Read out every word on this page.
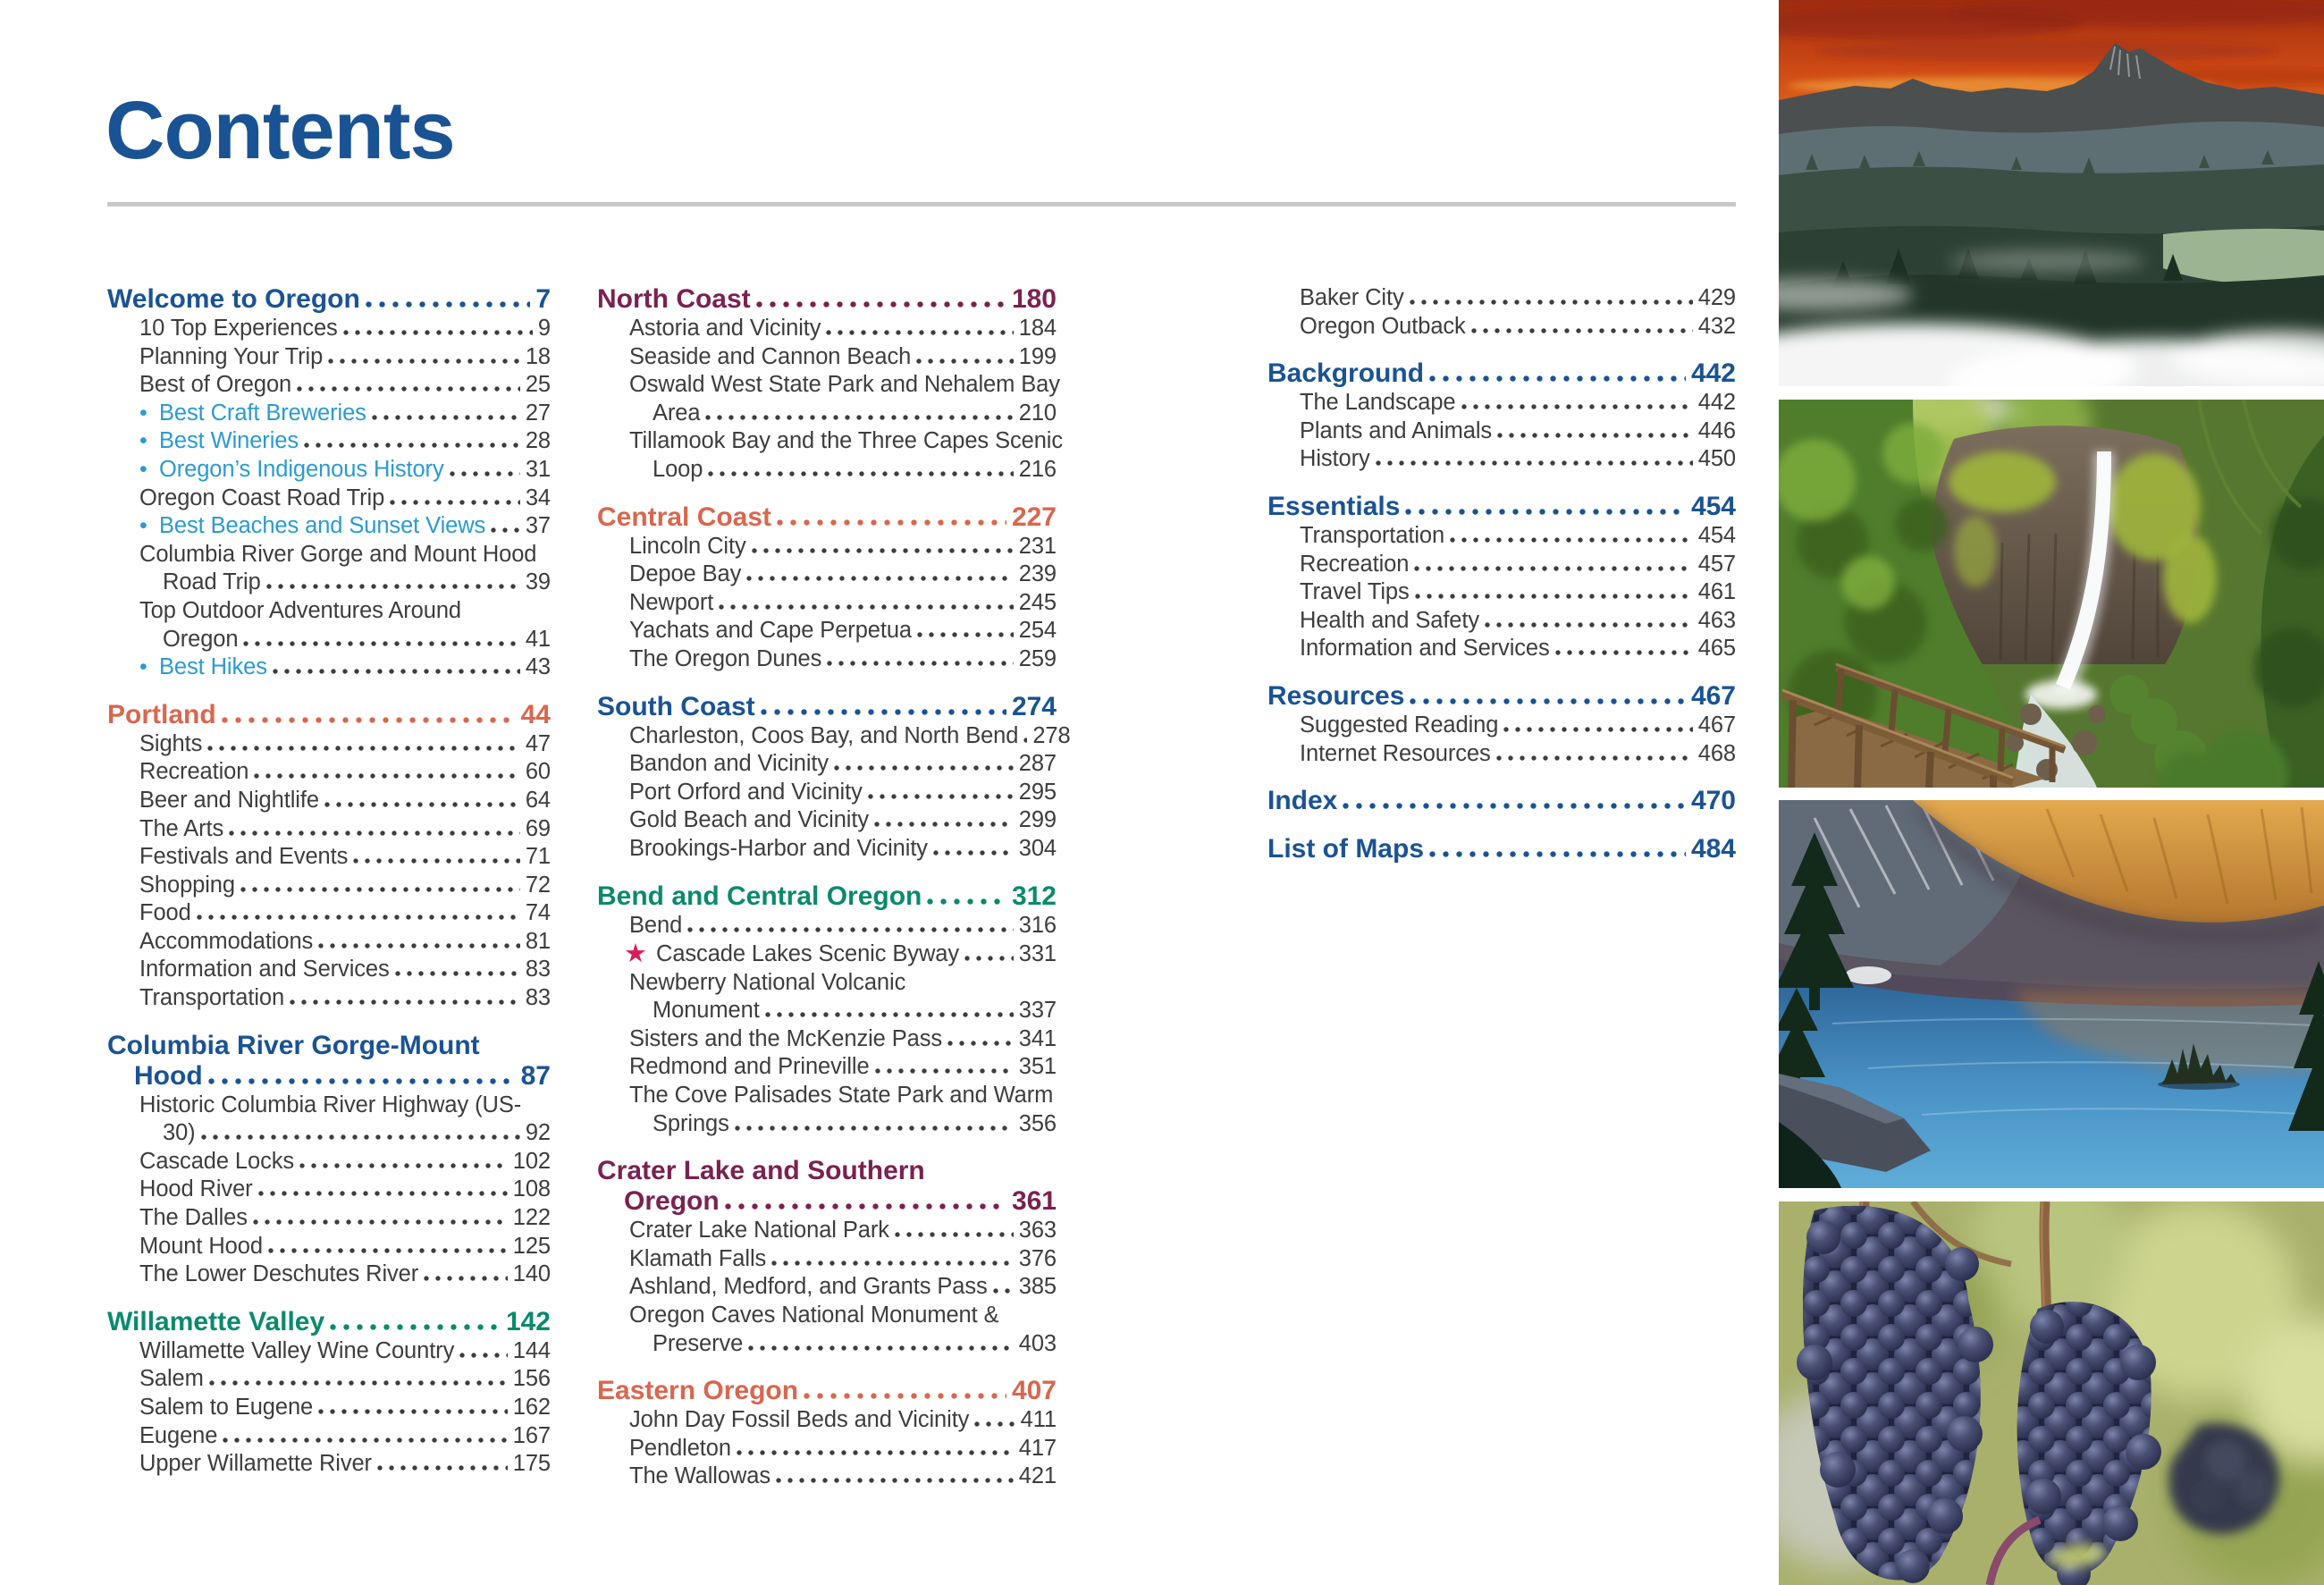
Contents
Welcome to Oregon	7
10 Top Experiences	9
Planning Your Trip	18
Best of Oregon	25
• Best Craft Breweries	27
• Best Wineries	28
• Oregon’s Indigenous History	31
Oregon Coast Road Trip	34
• Best Beaches and Sunset Views 37
Columbia River Gorge and Mount Hood
Road Trip	39
Top Outdoor Adventures Around
Oregon	41
• Best Hikes	43
Portland	44
Sights	47
Recreation	60
Beer and Nightlife	64
The Arts	69
Festivals and Events	71
Shopping	72
Food	74
Accommodations	81
Information and Services	83
Transportation	83
Columbia River Gorge-Mount
Hood	87
Historic Columbia River Highway (US-
30)	92
Cascade Locks	102
Hood River	108
The Dalles	122
Mount Hood	125
The Lower Deschutes River	140
Willamette Valley	142
Willamette Valley Wine Country	144
Salem	156
Salem to Eugene	162
Eugene	167
Upper Willamette River	175
North Coast	180
Astoria and Vicinity	184
Seaside and Cannon Beach	199
Oswald West State Park and Nehalem Bay
Area	210
Tillamook Bay and the Three Capes Scenic
Loop	216
Central Coast	227
Lincoln City	231
Depoe Bay	239
Newport	245
Yachats and Cape Perpetua	254
The Oregon Dunes	259
South Coast	274
Charleston, Coos Bay, and North Bend 278
Bandon and Vicinity	287
Port Orford and Vicinity	295
Gold Beach and Vicinity	299
Brookings-Harbor and Vicinity	304
Bend and Central Oregon	312
Bend	316
★ Cascade Lakes Scenic Byway	331
Newberry National Volcanic
Monument	337
Sisters and the McKenzie Pass	341
Redmond and Prineville	351
The Cove Palisades State Park and Warm
Springs	356
Crater Lake and Southern
Oregon	361
Crater Lake National Park	363
Klamath Falls	376
Ashland, Medford, and Grants Pass 385
Oregon Caves National Monument &
Preserve	403
Eastern Oregon	407
John Day Fossil Beds and Vicinity 411
Pendleton	417
The Wallowas	421
Baker City	429
Oregon Outback	432
Background	442
The Landscape	442
Plants and Animals	446
History	450
Essentials	454
Transportation	454
Recreation	457
Travel Tips	461
Health and Safety	463
Information and Services	465
Resources	467
Suggested Reading	467
Internet Resources	468
Index	470
List of Maps	484
